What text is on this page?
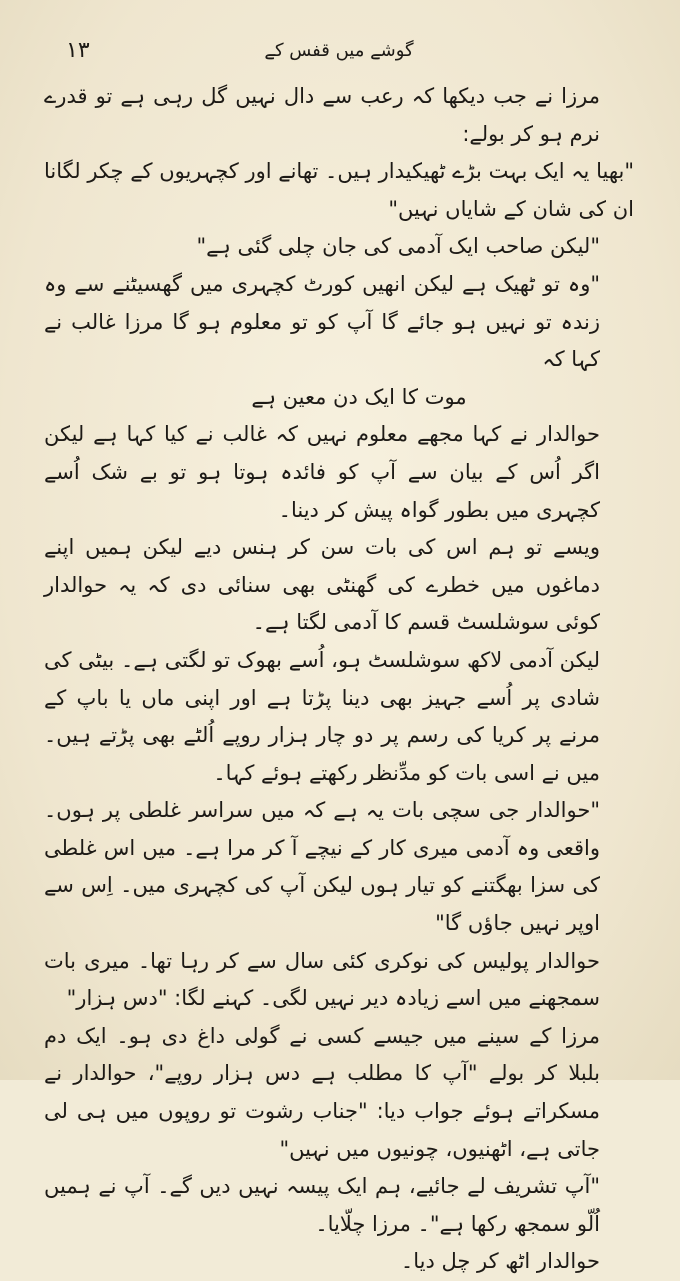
۱۳	گوشے میں قفس کے

مرزا نے جب دیکھا کہ رعب سے دال نہیں گل رہی ہے تو قدرے نرم ہو کر بولے:

"بھیا یہ ایک بہت بڑے ٹھیکیدار ہیں۔ تھانے اور کچہریوں کے چکر لگانا ان کی شان کے شایاں نہیں"

"لیکن صاحب ایک آدمی کی جان چلی گئی ہے"

"وہ تو ٹھیک ہے لیکن انھیں کورٹ کچہری میں گھسیٹنے سے وہ زندہ تو نہیں ہو جائے گا آپ کو تو معلوم ہو گا مرزا غالب نے کہا کہ

موت کا ایک دن معین ہے

حوالدار نے کہا مجھے معلوم نہیں کہ غالب نے کیا کہا ہے لیکن اگر اُس کے بیان سے آپ کو فائدہ ہوتا ہو تو بے شک اُسے کچہری میں بطور گواہ پیش کر دینا۔

ویسے تو ہم اس کی بات سن کر ہنس دیے لیکن ہمیں اپنے دماغوں میں خطرے کی گھنٹی بھی سنائی دی کہ یہ حوالدار کوئی سوشلسٹ قسم کا آدمی لگتا ہے۔

لیکن آدمی لاکھ سوشلسٹ ہو، اُسے بھوک تو لگتی ہے۔ بیٹی کی شادی پر اُسے جہیز بھی دینا پڑتا ہے اور اپنی ماں یا باپ کے مرنے پر کریا کی رسم پر دو چار ہزار روپے اُلٹے بھی پڑتے ہیں۔ میں نے اسی بات کو مدِّنظر رکھتے ہوئے کہا۔

"حوالدار جی سچی بات یہ ہے کہ میں سراسر غلطی پر ہوں۔ واقعی وہ آدمی میری کار کے نیچے آ کر مرا ہے۔ میں اس غلطی کی سزا بھگتنے کو تیار ہوں لیکن آپ کی کچہری میں۔ اِس سے اوپر نہیں جاؤں گا"

حوالدار پولیس کی نوکری کئی سال سے کر رہا تھا۔ میری بات سمجھنے میں اسے زیادہ دیر نہیں لگی۔ کہنے لگا: "دس ہزار"

مرزا کے سینے میں جیسے کسی نے گولی داغ دی ہو۔ ایک دم بلبلا کر بولے "آپ کا مطلب ہے دس ہزار روپے"، حوالدار نے مسکراتے ہوئے جواب دیا: "جناب رشوت تو روپوں میں ہی لی جاتی ہے، اٹھنیوں، چونیوں میں نہیں"

"آپ تشریف لے جائیے، ہم ایک پیسہ نہیں دیں گے۔ آپ نے ہمیں اُلّو سمجھ رکھا ہے"۔ مرزا چلّایا۔

حوالدار اٹھ کر چل دیا۔
